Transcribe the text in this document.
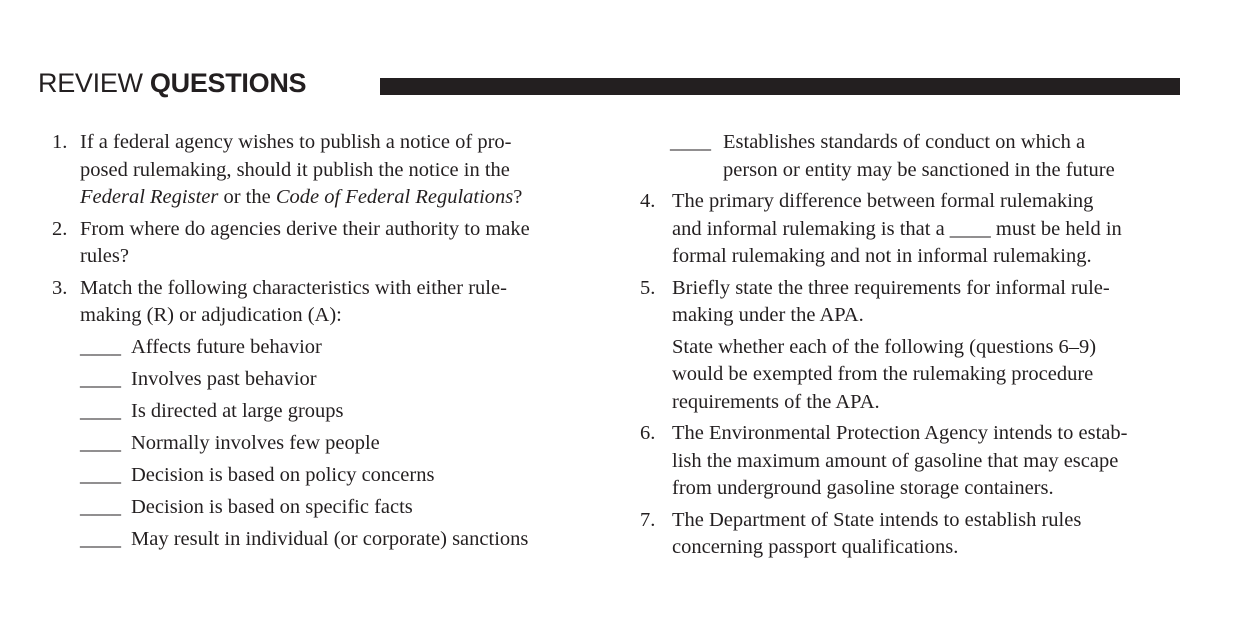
REVIEW QUESTIONS
1. If a federal agency wishes to publish a notice of pro-
posed rulemaking, should it publish the notice in the
Federal Register or the Code of Federal Regulations?
2. From where do agencies derive their authority to make
rules?
3. Match the following characteristics with either rule-
making (R) or adjudication (A):
____ Affects future behavior
____ Involves past behavior
____ Is directed at large groups
____ Normally involves few people
____ Decision is based on policy concerns
____ Decision is based on specific facts
____ May result in individual (or corporate) sanctions
____ Establishes standards of conduct on which a
person or entity may be sanctioned in the future
4. The primary difference between formal rulemaking
and informal rulemaking is that a ____ must be held in
formal rulemaking and not in informal rulemaking.
5. Briefly state the three requirements for informal rule-
making under the APA.
State whether each of the following (questions 6–9)
would be exempted from the rulemaking procedure
requirements of the APA.
6. The Environmental Protection Agency intends to estab-
lish the maximum amount of gasoline that may escape
from underground gasoline storage containers.
7. The Department of State intends to establish rules
concerning passport qualifications.
